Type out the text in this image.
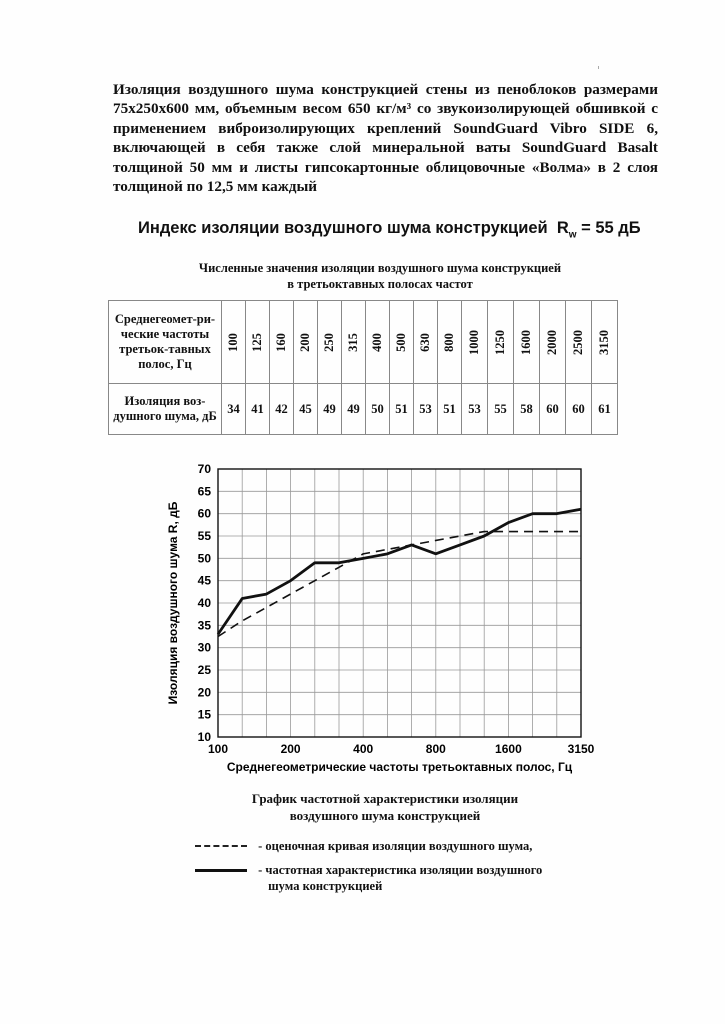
Изоляция воздушного шума конструкцией стены из пеноблоков размерами 75х250х600 мм, объемным весом 650 кг/м³ со звукоизолирующей обшивкой с применением виброизолирующих креплений SoundGuard Vibro SIDE 6, включающей в себя также слой минеральной ваты SoundGuard Basalt толщиной 50 мм и листы гипсокартонные облицовочные «Волма» в 2 слоя толщиной по 12,5 мм каждый

Индекс изоляции воздушного шума конструкцией $R_w = 55$ дБ
Численные значения изоляции воздушного шума конструкцией
в третьоктавных полосах частот
Среднегеомет-ри-ческие частоты третьок-тавных полос, Гц	100	125	160	200	250	315	400	500	630	800	1000	1250	1600	2000	2500	3150
Изоляция воз-душного шума, дБ	34	41	42	45	49	49	50	51	53	51	53	55	58	60	60	61
10
15
20
25
30
35
40
45
50
55
60
65
70
100	200	400	800	1600	3150
Среднегеометрические частоты третьоктавных полос, Гц
Изоляция воздушного шума R, дБ
График частотной характеристики изоляции
воздушного шума конструкцией
- оценочная кривая изоляции воздушного шума,
- частотная характеристика изоляции воздушного
шума конструкцией
